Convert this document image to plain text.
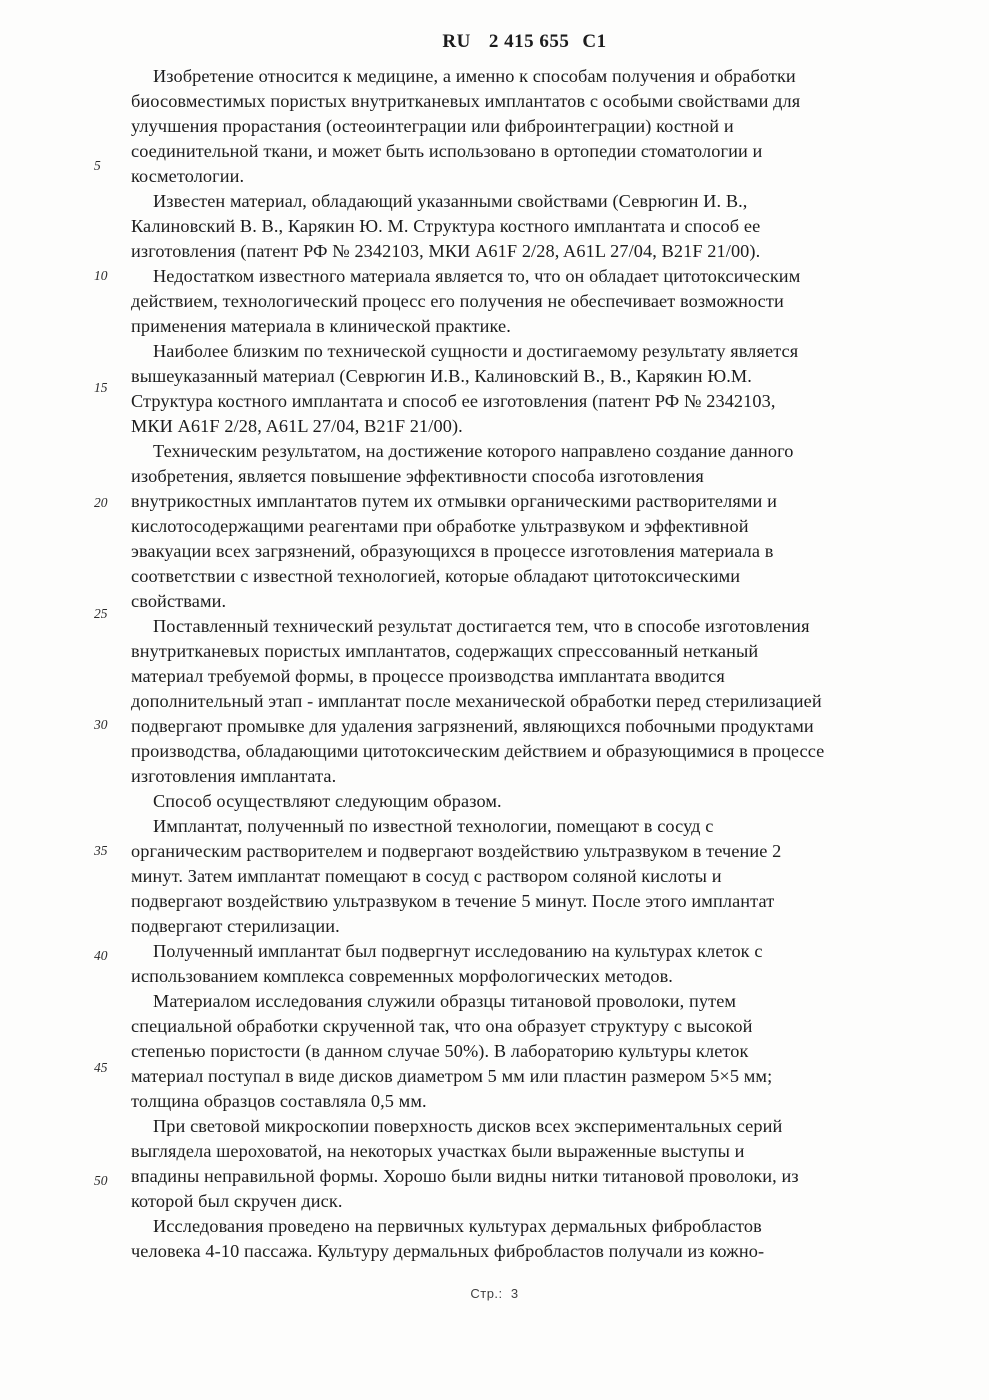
RU 2 415 655 C1
5
10
15
20
25
30
35
40
45
50
Изобретение относится к медицине, а именно к способам получения и обработки
биосовместимых пористых внутритканевых имплантатов с особыми свойствами для
улучшения прорастания (остеоинтеграции или фиброинтеграции) костной и
соединительной ткани, и может быть использовано в ортопедии стоматологии и
косметологии.
Известен материал, обладающий указанными свойствами (Севрюгин И. В.,
Калиновский В. В., Карякин Ю. М. Структура костного имплантата и способ ее
изготовления (патент РФ № 2342103, МКИ A61F 2/28, A61L 27/04, B21F 21/00).
Недостатком известного материала является то, что он обладает цитотоксическим
действием, технологический процесс его получения не обеспечивает возможности
применения материала в клинической практике.
Наиболее близким по технической сущности и достигаемому результату является
вышеуказанный материал (Севрюгин И.В., Калиновский В., В., Карякин Ю.М.
Структура костного имплантата и способ ее изготовления (патент РФ № 2342103,
МКИ A61F 2/28, A61L 27/04, B21F 21/00).
Техническим результатом, на достижение которого направлено создание данного
изобретения, является повышение эффективности способа изготовления
внутрикостных имплантатов путем их отмывки органическими растворителями и
кислотосодержащими реагентами при обработке ультразвуком и эффективной
эвакуации всех загрязнений, образующихся в процессе изготовления материала в
соответствии с известной технологией, которые обладают цитотоксическими
свойствами.
Поставленный технический результат достигается тем, что в способе изготовления
внутритканевых пористых имплантатов, содержащих спрессованный нетканый
материал требуемой формы, в процессе производства имплантата вводится
дополнительный этап - имплантат после механической обработки перед стерилизацией
подвергают промывке для удаления загрязнений, являющихся побочными продуктами
производства, обладающими цитотоксическим действием и образующимися в процессе
изготовления имплантата.
Способ осуществляют следующим образом.
Имплантат, полученный по известной технологии, помещают в сосуд с
органическим растворителем и подвергают воздействию ультразвуком в течение 2
минут. Затем имплантат помещают в сосуд с раствором соляной кислоты и
подвергают воздействию ультразвуком в течение 5 минут. После этого имплантат
подвергают стерилизации.
Полученный имплантат был подвергнут исследованию на культурах клеток с
использованием комплекса современных морфологических методов.
Материалом исследования служили образцы титановой проволоки, путем
специальной обработки скрученной так, что она образует структуру с высокой
степенью пористости (в данном случае 50%). В лабораторию культуры клеток
материал поступал в виде дисков диаметром 5 мм или пластин размером 5×5 мм;
толщина образцов составляла 0,5 мм.
При световой микроскопии поверхность дисков всех экспериментальных серий
выглядела шероховатой, на некоторых участках были выраженные выступы и
впадины неправильной формы. Хорошо были видны нитки титановой проволоки, из
которой был скручен диск.
Исследования проведено на первичных культурах дермальных фибробластов
человека 4-10 пассажа. Культуру дермальных фибробластов получали из кожно-
Стр.: 3
